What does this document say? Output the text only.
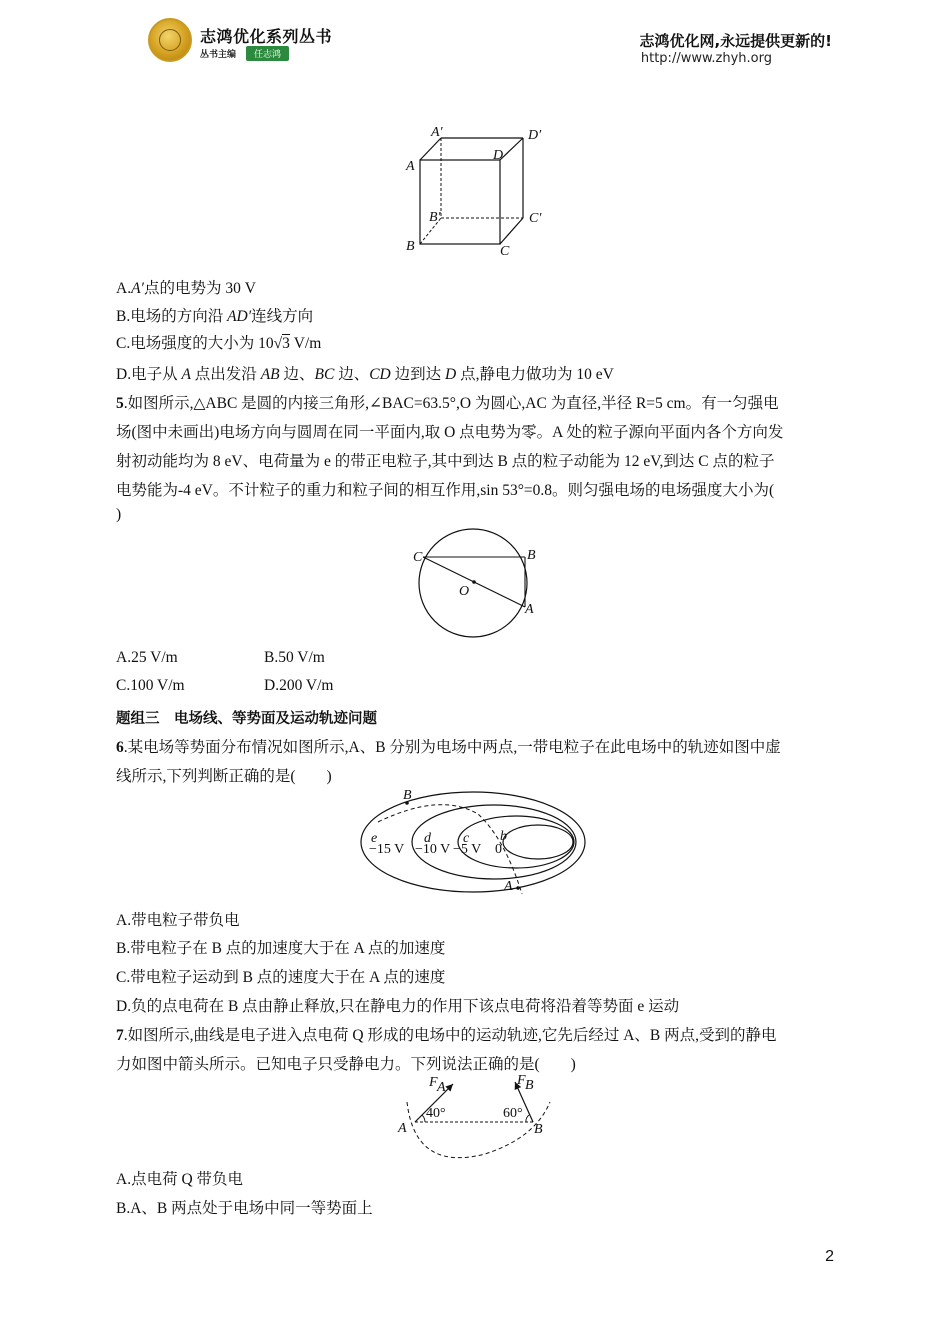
志鸿优化系列丛书
丛书主编	任志鸿
志鸿优化网,永远提供更新的!
http://www.zhyh.org
A′	D′
A
D
B′	C′
B	C
A.A′点的电势为 30 V
B.电场的方向沿 AD′连线方向
C.电场强度的大小为 10√3 V/m
D.电子从 A 点出发沿 AB 边、BC 边、CD 边到达 D 点,静电力做功为 10 eV
5.如图所示,△ABC 是圆的内接三角形,∠BAC=63.5°,O 为圆心,AC 为直径,半径 R=5 cm。有一匀强电
场(图中未画出)电场方向与圆周在同一平面内,取 O 点电势为零。A 处的粒子源向平面内各个方向发
射初动能均为 8 eV、电荷量为 e 的带正电粒子,其中到达 B 点的粒子动能为 12 eV,到达 C 点的粒子
电势能为-4 eV。不计粒子的重力和粒子间的相互作用,sin 53°=0.8。则匀强电场的电场强度大小为(
)
C	B
O
A
A.25 V/m	B.50 V/m
C.100 V/m	D.200 V/m
题组三　电场线、等势面及运动轨迹问题
6.某电场等势面分布情况如图所示,A、B 分别为电场中两点,一带电粒子在此电场中的轨迹如图中虚
线所示,下列判断正确的是(　　)
B
A
e	d c b
−15 V −10 V −5 V 0
A.带电粒子带负电
B.带电粒子在 B 点的加速度大于在 A 点的加速度
C.带电粒子运动到 B 点的速度大于在 A 点的速度
D.负的点电荷在 B 点由静止释放,只在静电力的作用下该点电荷将沿着等势面 e 运动
7.如图所示,曲线是电子进入点电荷 Q 形成的电场中的运动轨迹,它先后经过 A、B 两点,受到的静电
力如图中箭头所示。已知电子只受静电力。下列说法正确的是(　　)
F A	F B
40°	60°
A	B
A.点电荷 Q 带负电
B.A、B 两点处于电场中同一等势面上
2
